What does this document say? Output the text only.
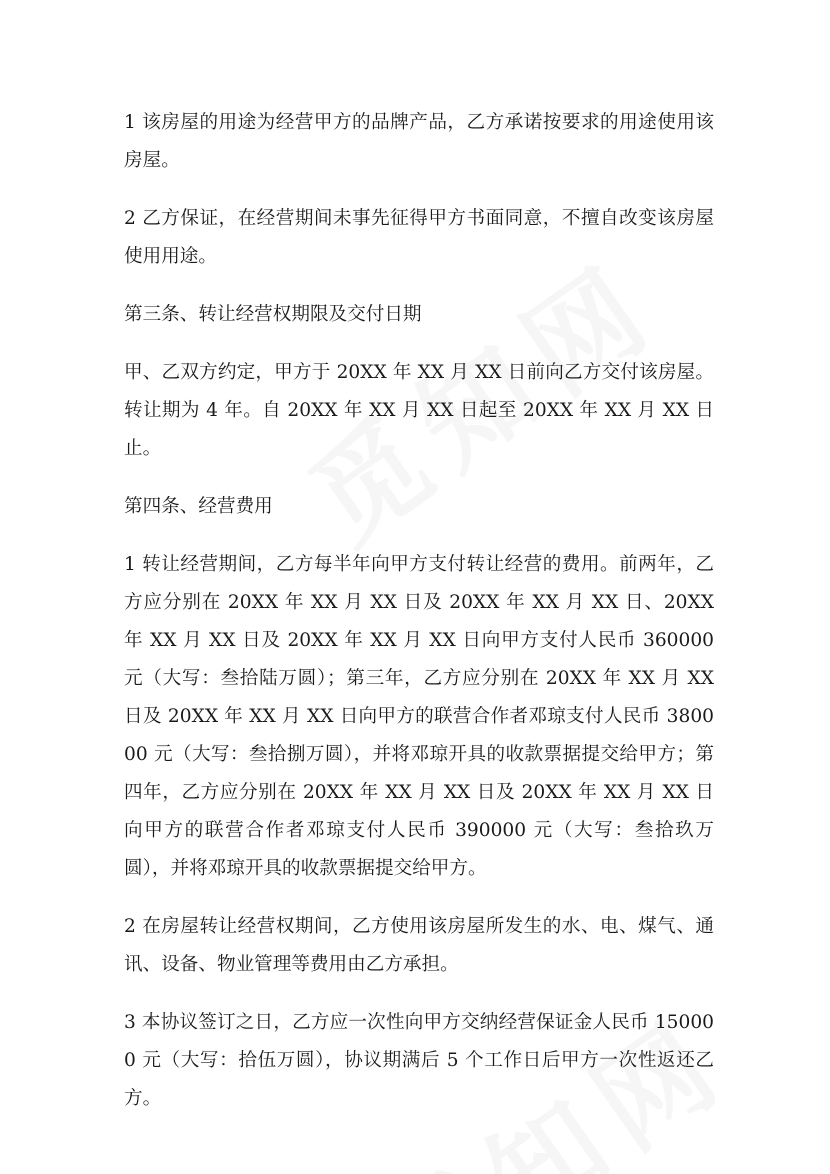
1 该房屋的用途为经营甲方的品牌产品，乙方承诺按要求的用途使用该房屋。

2 乙方保证，在经营期间未事先征得甲方书面同意，不擅自改变该房屋使用用途。

第三条、转让经营权期限及交付日期

甲、乙双方约定，甲方于 20XX 年 XX 月 XX 日前向乙方交付该房屋。转让期为 4 年。自 20XX 年 XX 月 XX 日起至 20XX 年 XX 月 XX 日止。

第四条、经营费用

1 转让经营期间，乙方每半年向甲方支付转让经营的费用。前两年，乙方应分别在 20XX 年 XX 月 XX 日及 20XX 年 XX 月 XX 日、20XX 年 XX 月 XX 日及 20XX 年 XX 月 XX 日向甲方支付人民币 360000 元（大写：叁拾陆万圆）；第三年，乙方应分别在 20XX 年 XX 月 XX 日及 20XX 年 XX 月 XX 日向甲方的联营合作者邓琼支付人民币 380000 元（大写：叁拾捌万圆），并将邓琼开具的收款票据提交给甲方；第四年，乙方应分别在 20XX 年 XX 月 XX 日及 20XX 年 XX 月 XX 日向甲方的联营合作者邓琼支付人民币 390000 元（大写：叁拾玖万圆），并将邓琼开具的收款票据提交给甲方。

2 在房屋转让经营权期间，乙方使用该房屋所发生的水、电、煤气、通讯、设备、物业管理等费用由乙方承担。

3 本协议签订之日，乙方应一次性向甲方交纳经营保证金人民币 150000 元（大写：拾伍万圆），协议期满后 5 个工作日后甲方一次性返还乙方。
